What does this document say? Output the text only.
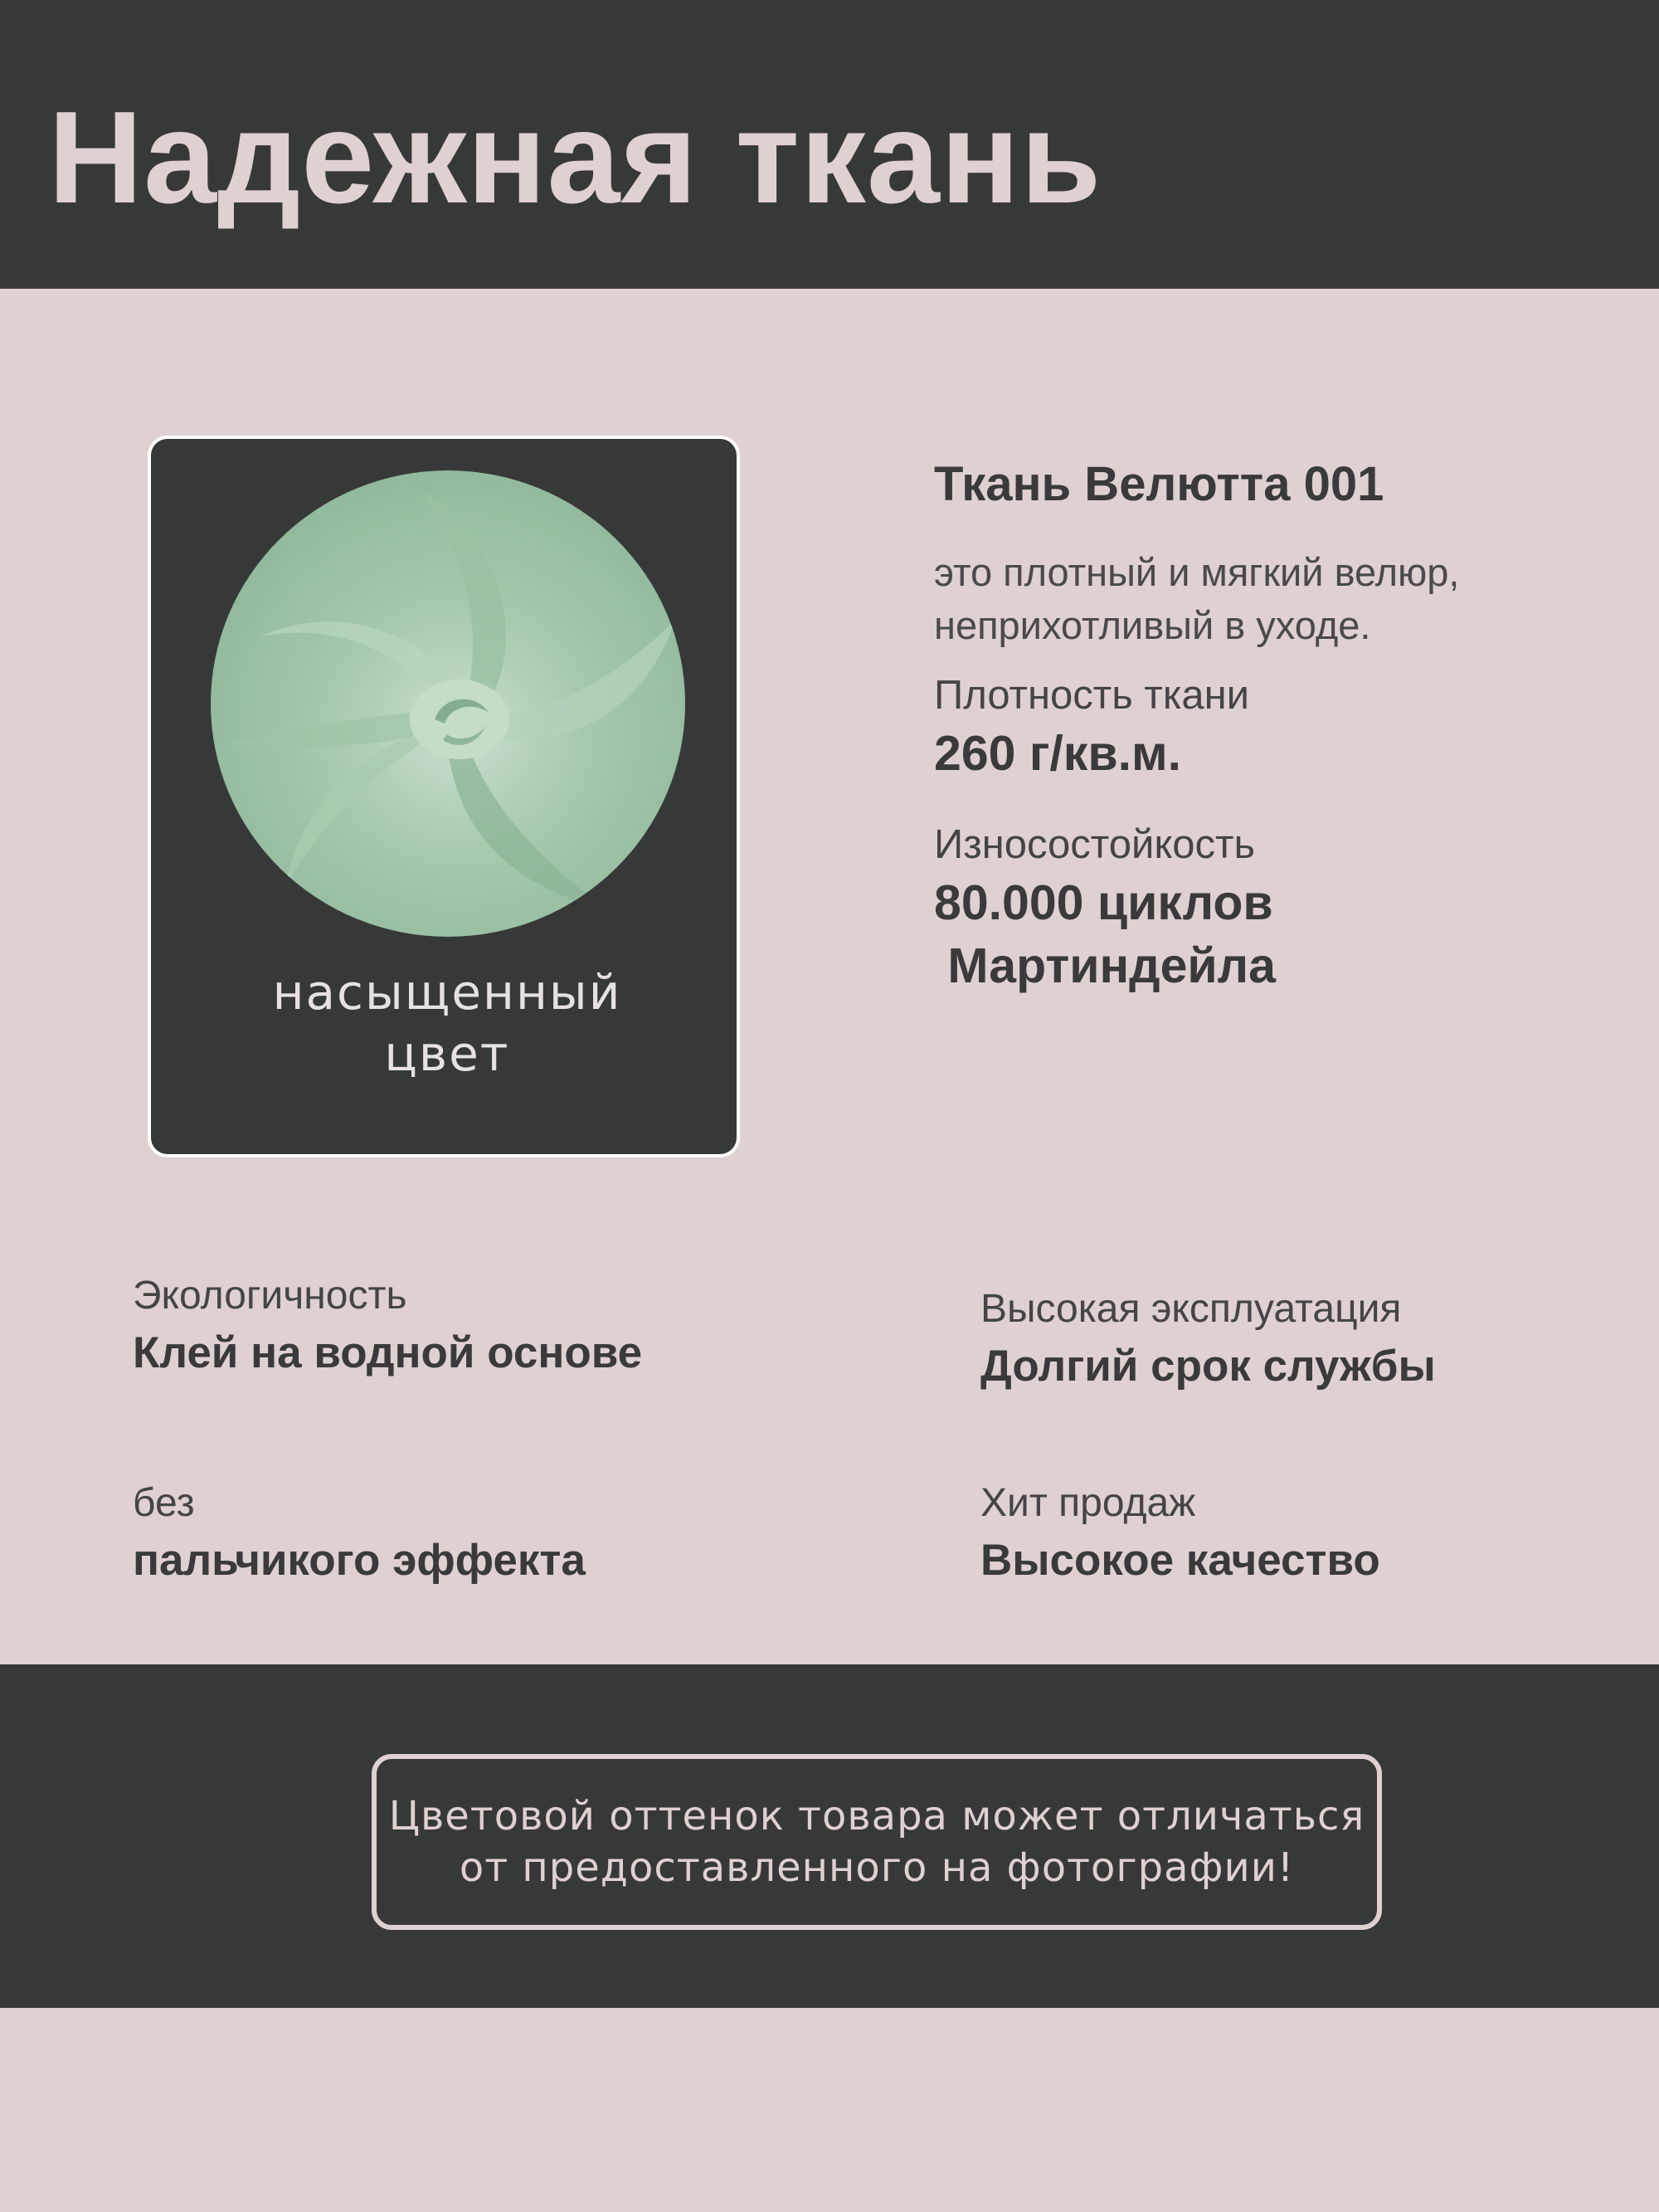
Надежная ткань
насыщенный
цвет
Ткань Велютта 001
это плотный и мягкий велюр,
неприхотливый в уходе.
Плотность ткани
260 г/кв.м.
Износостойкость
80.000 циклов
Мартиндейла
Экологичность
Клей на водной основе
Высокая эксплуатация
Долгий срок службы
без
пальчикого эффекта
Хит продаж
Высокое качество
Цветовой оттенок товара может отличаться
от предоставленного на фотографии!
